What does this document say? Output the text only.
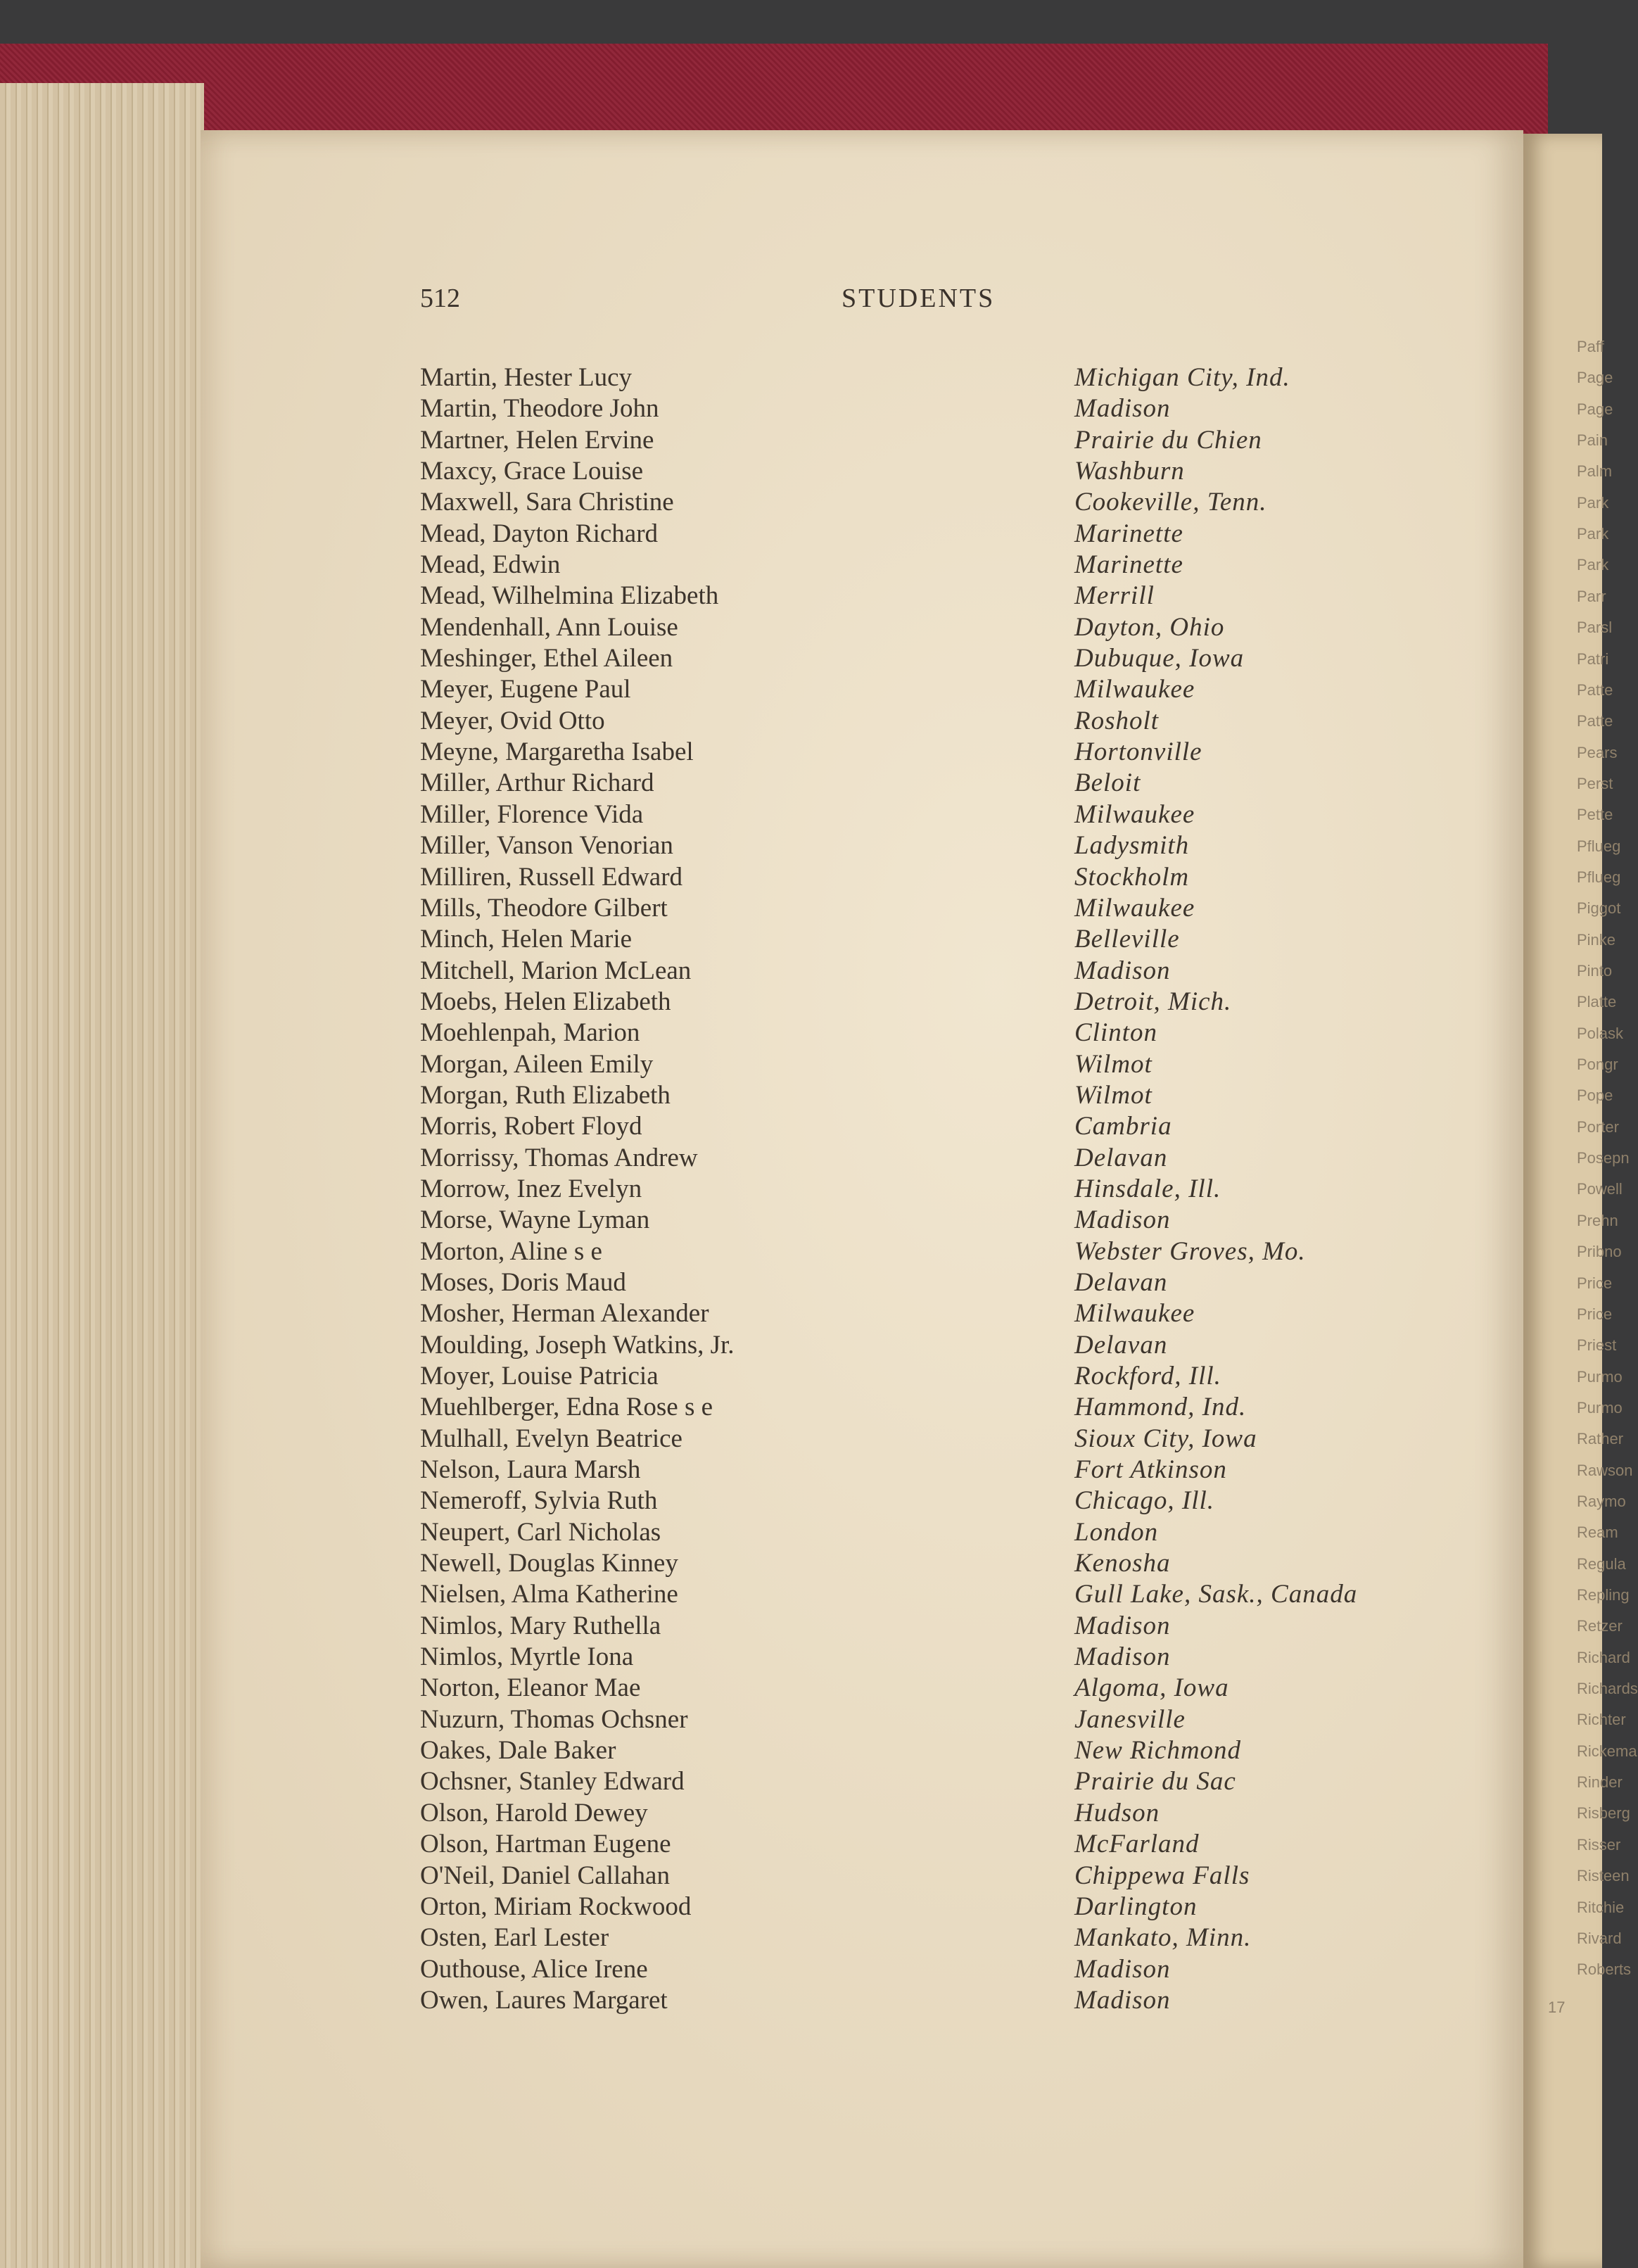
512	STUDENTS
Martin, Hester Lucy	Michigan City, Ind.
Martin, Theodore John	Madison
Martner, Helen Ervine	Prairie du Chien
Maxcy, Grace Louise	Washburn
Maxwell, Sara Christine	Cookeville, Tenn.
Mead, Dayton Richard	Marinette
Mead, Edwin	Marinette
Mead, Wilhelmina Elizabeth	Merrill
Mendenhall, Ann Louise	Dayton, Ohio
Meshinger, Ethel Aileen	Dubuque, Iowa
Meyer, Eugene Paul	Milwaukee
Meyer, Ovid Otto	Rosholt
Meyne, Margaretha Isabel	Hortonville
Miller, Arthur Richard	Beloit
Miller, Florence Vida	Milwaukee
Miller, Vanson Venorian	Ladysmith
Milliren, Russell Edward	Stockholm
Mills, Theodore Gilbert	Milwaukee
Minch, Helen Marie	Belleville
Mitchell, Marion McLean	Madison
Moebs, Helen Elizabeth	Detroit, Mich.
Moehlenpah, Marion	Clinton
Morgan, Aileen Emily	Wilmot
Morgan, Ruth Elizabeth	Wilmot
Morris, Robert Floyd	Cambria
Morrissy, Thomas Andrew	Delavan
Morrow, Inez Evelyn	Hinsdale, Ill.
Morse, Wayne Lyman	Madison
Morton, Aline s e	Webster Groves, Mo.
Moses, Doris Maud	Delavan
Mosher, Herman Alexander	Milwaukee
Moulding, Joseph Watkins, Jr.	Delavan
Moyer, Louise Patricia	Rockford, Ill.
Muehlberger, Edna Rose s e	Hammond, Ind.
Mulhall, Evelyn Beatrice	Sioux City, Iowa
Nelson, Laura Marsh	Fort Atkinson
Nemeroff, Sylvia Ruth	Chicago, Ill.
Neupert, Carl Nicholas	London
Newell, Douglas Kinney	Kenosha
Nielsen, Alma Katherine	Gull Lake, Sask., Canada
Nimlos, Mary Ruthella	Madison
Nimlos, Myrtle Iona	Madison
Norton, Eleanor Mae	Algoma, Iowa
Nuzurn, Thomas Ochsner	Janesville
Oakes, Dale Baker	New Richmond
Ochsner, Stanley Edward	Prairie du Sac
Olson, Harold Dewey	Hudson
Olson, Hartman Eugene	McFarland
O'Neil, Daniel Callahan	Chippewa Falls
Orton, Miriam Rockwood	Darlington
Osten, Earl Lester	Mankato, Minn.
Outhouse, Alice Irene	Madison
Owen, Laures Margaret	Madison
Paff
Page
Page
Pain
Palm
Park
Park
Park
Parr
Parsl
Patri
Patte
Patte
Pears
Perst
Pette
Pflueg
Pflueg
Piggot
Pinke
Pinto
Platte
Polask
Pongr
Pope
Porter
Posepn
Powell
Prehn
Pribno
Price
Price
Priest
Purmo
Purmo
Rather
Rawson
Raymo
Ream
Regula
Repling
Retzer
Richard
Richards
Richter
Rickema
Rinder
Risberg
Risser
Risteen
Ritchie
Rivard
Roberts
17
